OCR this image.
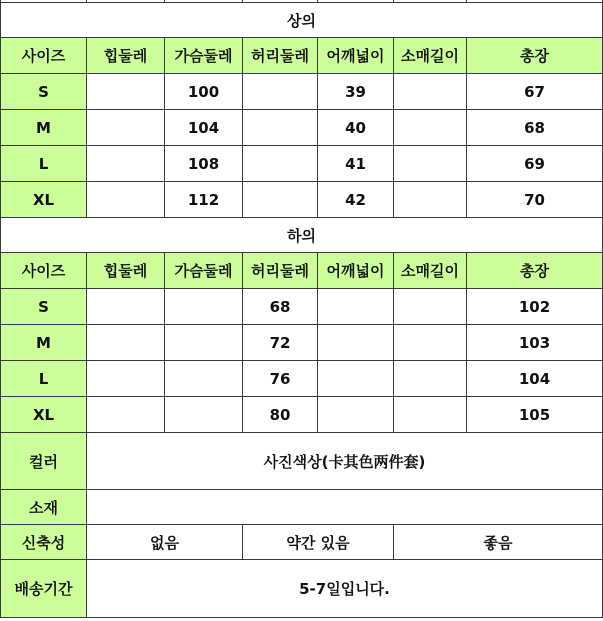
상의						
사이즈	힙둘레	가슴둘레	허리둘레	어깨넓이	소매길이	총장
S		100		39		67
M		104		40		68
L		108		41		69
XL		112		42		70
하의						
사이즈	힙둘레	가슴둘레	허리둘레	어깨넓이	소매길이	총장
S			68			102
M			72			103
L			76			104
XL			80			105
컬러	사진색상(卡其色两件套)					
소재						
신축성	없음		약간 있음		좋음	
배송기간	5-7일입니다.					
